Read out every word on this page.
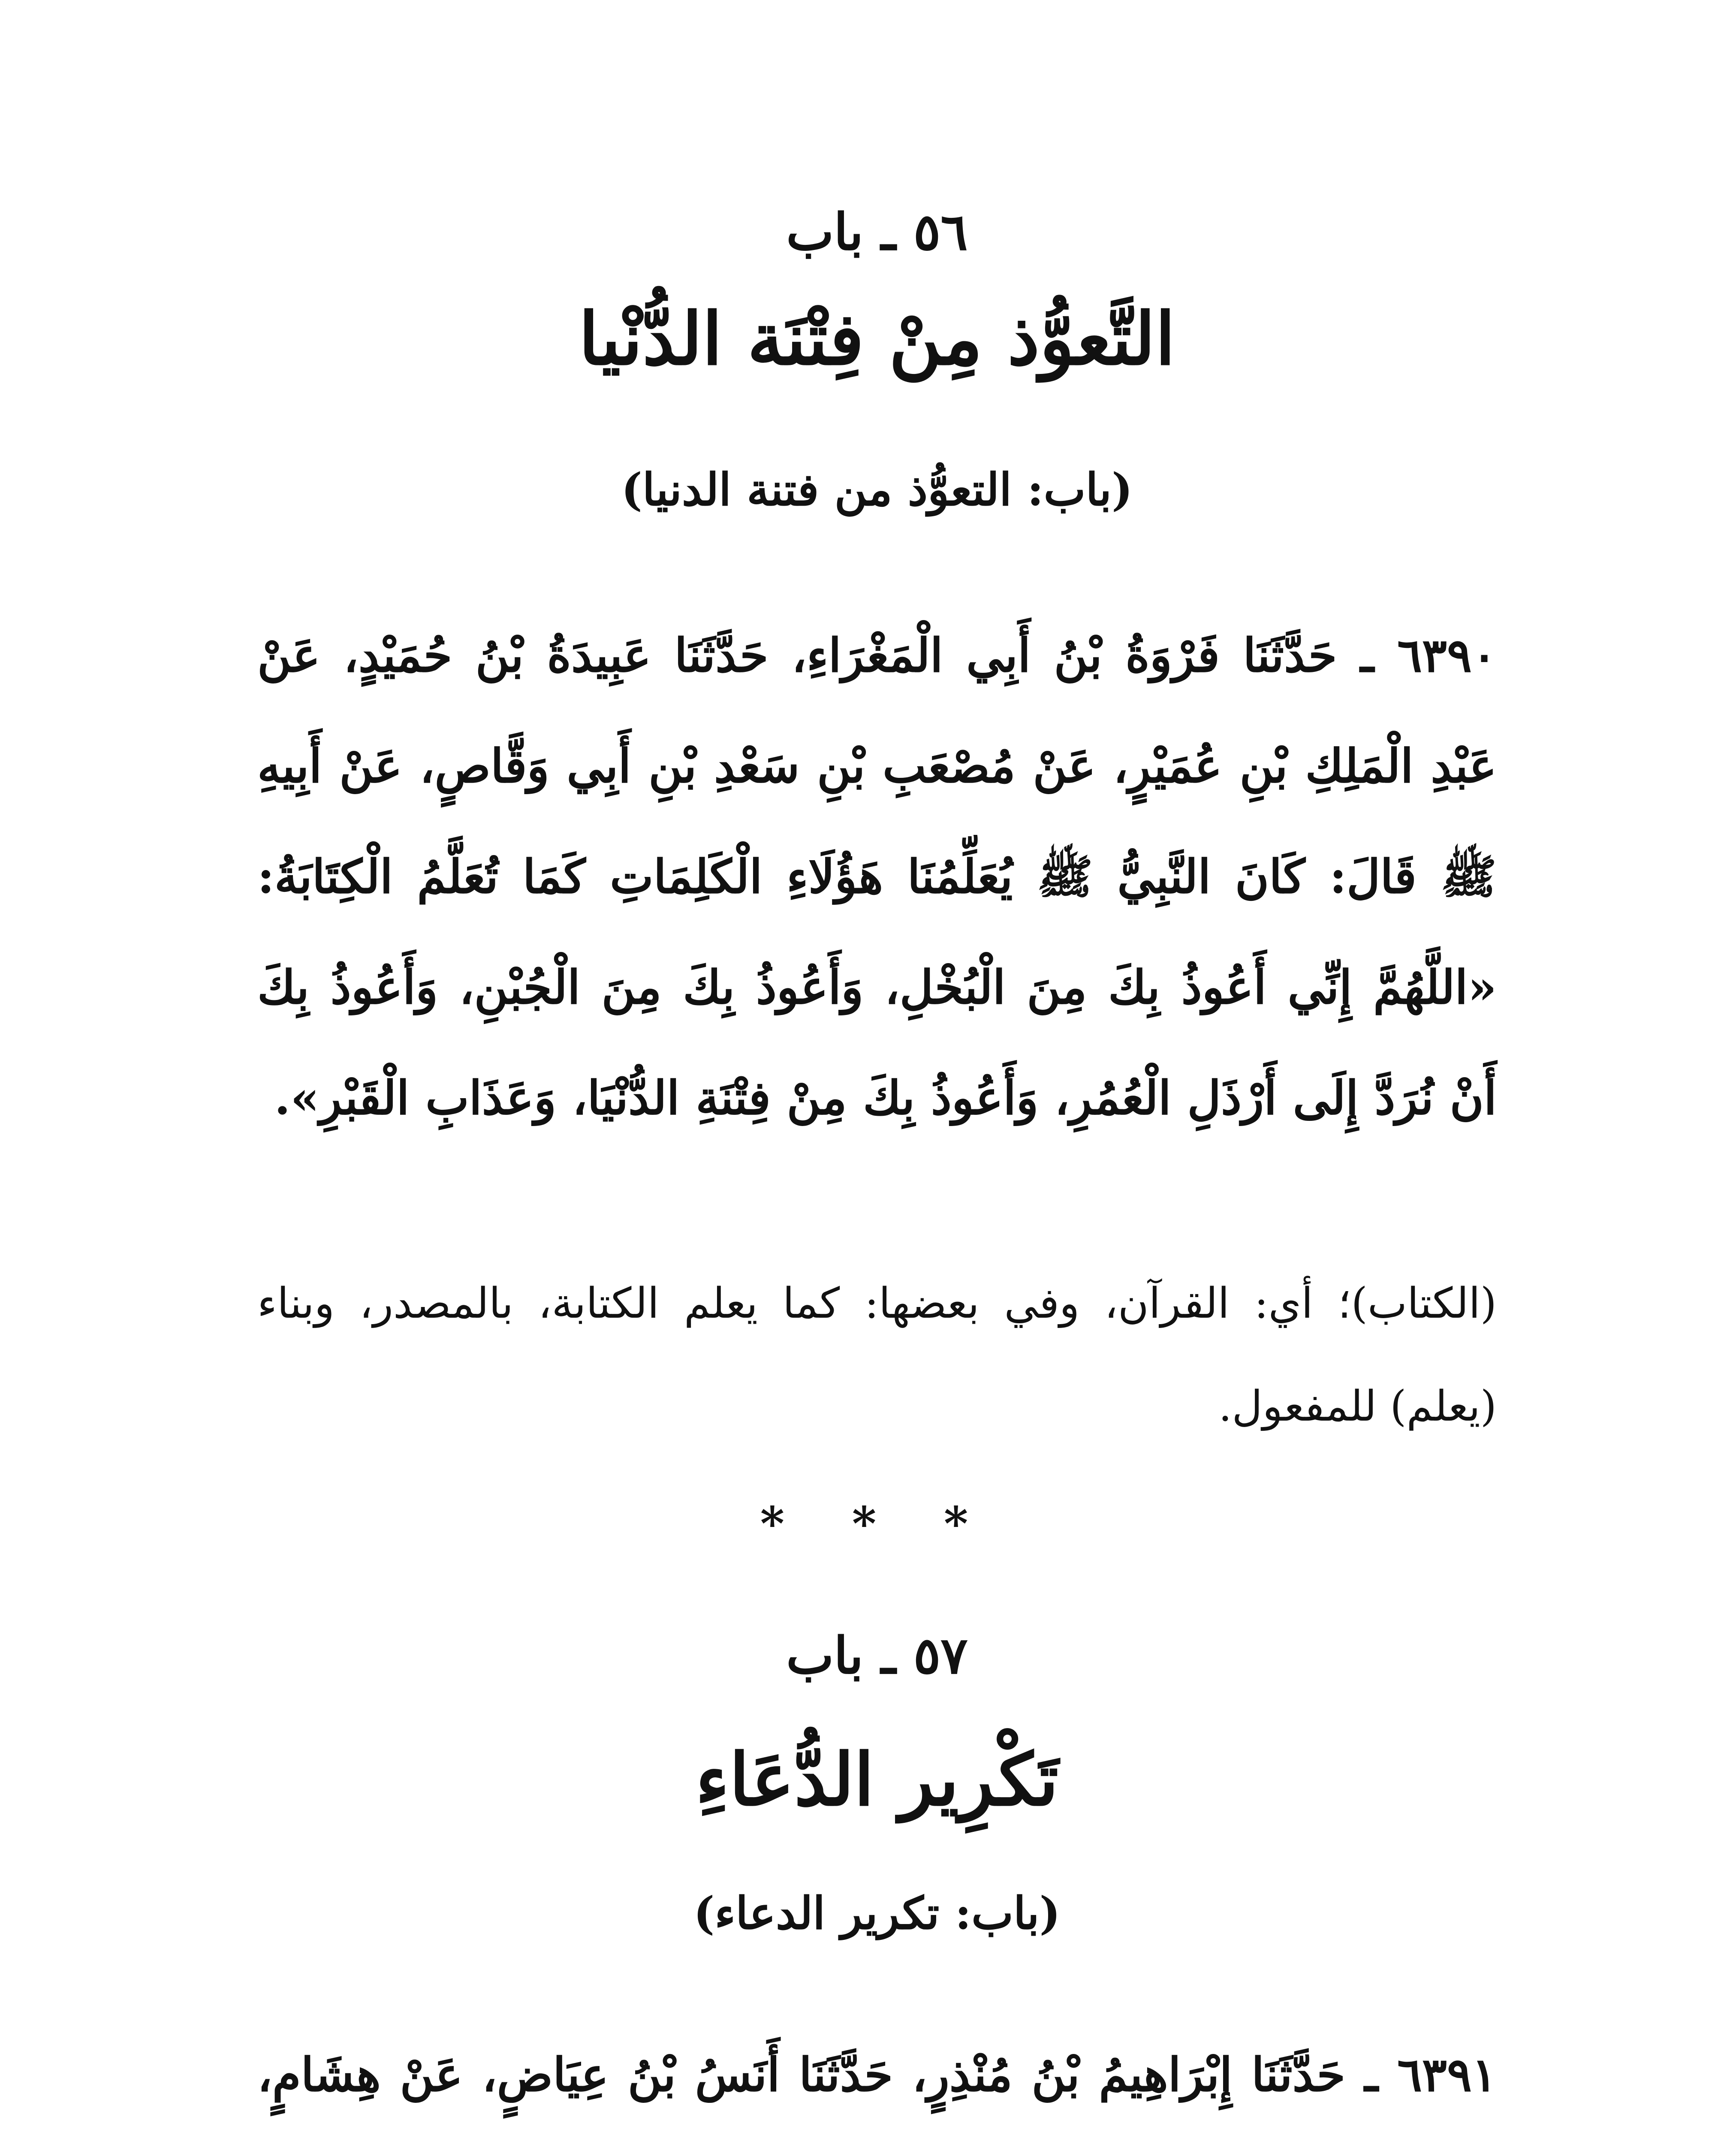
٥٦ ـ باب
التَّعوُّذ مِنْ فِتْنَة الدُّنْيا
(باب: التعوُّذ من فتنة الدنيا)
٦٣٩٠ ـ حَدَّثَنَا فَرْوَةُ بْنُ أَبِي الْمَغْرَاءِ، حَدَّثَنَا عَبِيدَةُ بْنُ حُمَيْدٍ، عَنْ عَبْدِ الْمَلِكِ بْنِ عُمَيْرٍ، عَنْ مُصْعَبِ بْنِ سَعْدِ بْنِ أَبِي وَقَّاصٍ، عَنْ أَبِيهِ ﷺ قَالَ: كَانَ النَّبِيُّ ﷺ يُعَلِّمُنَا هَؤُلَاءِ الْكَلِمَاتِ كَمَا تُعَلَّمُ الْكِتَابَةُ: «اللَّهُمَّ إِنِّي أَعُوذُ بِكَ مِنَ الْبُخْلِ، وَأَعُوذُ بِكَ مِنَ الْجُبْنِ، وَأَعُوذُ بِكَ أَنْ نُرَدَّ إِلَى أَرْذَلِ الْعُمُرِ، وَأَعُوذُ بِكَ مِنْ فِتْنَةِ الدُّنْيَا، وَعَذَابِ الْقَبْرِ».
(الكتاب)؛ أي: القرآن، وفي بعضها: كما يعلم الكتابة، بالمصدر، وبناء (يعلم) للمفعول.
* * *
٥٧ ـ باب
تَكْرِير الدُّعَاءِ
(باب: تكرير الدعاء)
٦٣٩١ ـ حَدَّثَنَا إِبْرَاهِيمُ بْنُ مُنْذِرٍ، حَدَّثَنَا أَنَسُ بْنُ عِيَاضٍ، عَنْ هِشَامٍ،
